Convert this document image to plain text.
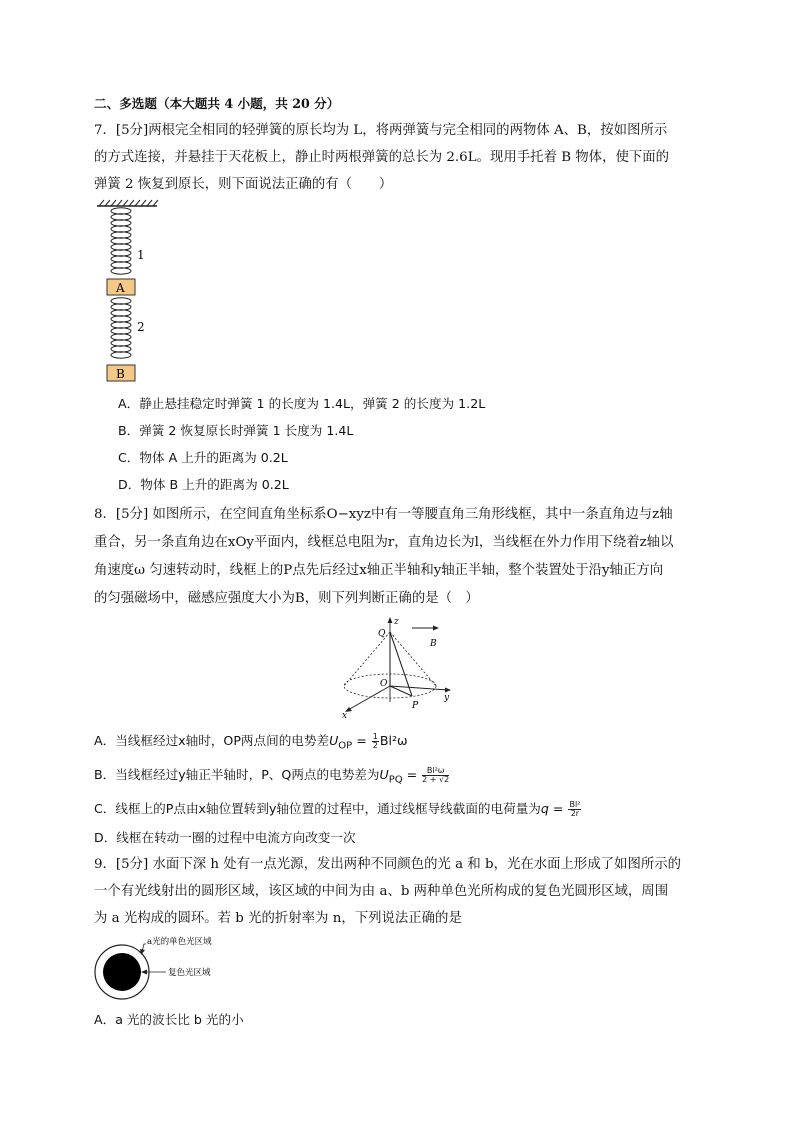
二、多选题（本大题共 4 小题，共 20 分）
7．[5分]两根完全相同的轻弹簧的原长均为 L，将两弹簧与完全相同的两物体 A、B，按如图所示
的方式连接，并悬挂于天花板上，静止时两根弹簧的总长为 2.6L。现用手托着 B 物体，使下面的
弹簧 2 恢复到原长，则下面说法正确的有（　　）
1
A
2
B
A．静止悬挂稳定时弹簧 1 的长度为 1.4L，弹簧 2 的长度为 1.2L
B．弹簧 2 恢复原长时弹簧 1 长度为 1.4L
C．物体 A 上升的距离为 0.2L
D．物体 B 上升的距离为 0.2L
8．[5分] 如图所示，在空间直角坐标系O−xyz中有一等腰直角三角形线框，其中一条直角边与z轴
重合，另一条直角边在xOy平面内，线框总电阻为r，直角边长为l，当线框在外力作用下绕着z轴以
角速度ω 匀速转动时，线框上的P点先后经过x轴正半轴和y轴正半轴，整个装置处于沿y轴正方向
的匀强磁场中，磁感应强度大小为B，则下列判断正确的是（　）
z
Q
B
y
x
O
P
A．当线框经过x轴时，OP两点间的电势差$U_{OP} = \frac{1}{2} Bl^2\omega$
B．当线框经过y轴正半轴时，P、Q两点的电势差为$U_{PQ} = \frac{\text{Bl²ω}}{2 + √2}$
C．线框上的P点由x轴位置转到y轴位置的过程中，通过线框导线截面的电荷量为$q = \frac{\text{Bl²}}{2r}$
D．线框在转动一圈的过程中电流方向改变一次
9．[5分] 水面下深 h 处有一点光源，发出两种不同颜色的光 a 和 b，光在水面上形成了如图所示的
一个有光线射出的圆形区域，该区域的中间为由 a、b 两种单色光所构成的复色光圆形区域，周围
为 a 光构成的圆环。若 b 光的折射率为 n，下列说法正确的是
a光的单色光区域
复色光区域
A．a 光的波长比 b 光的小
